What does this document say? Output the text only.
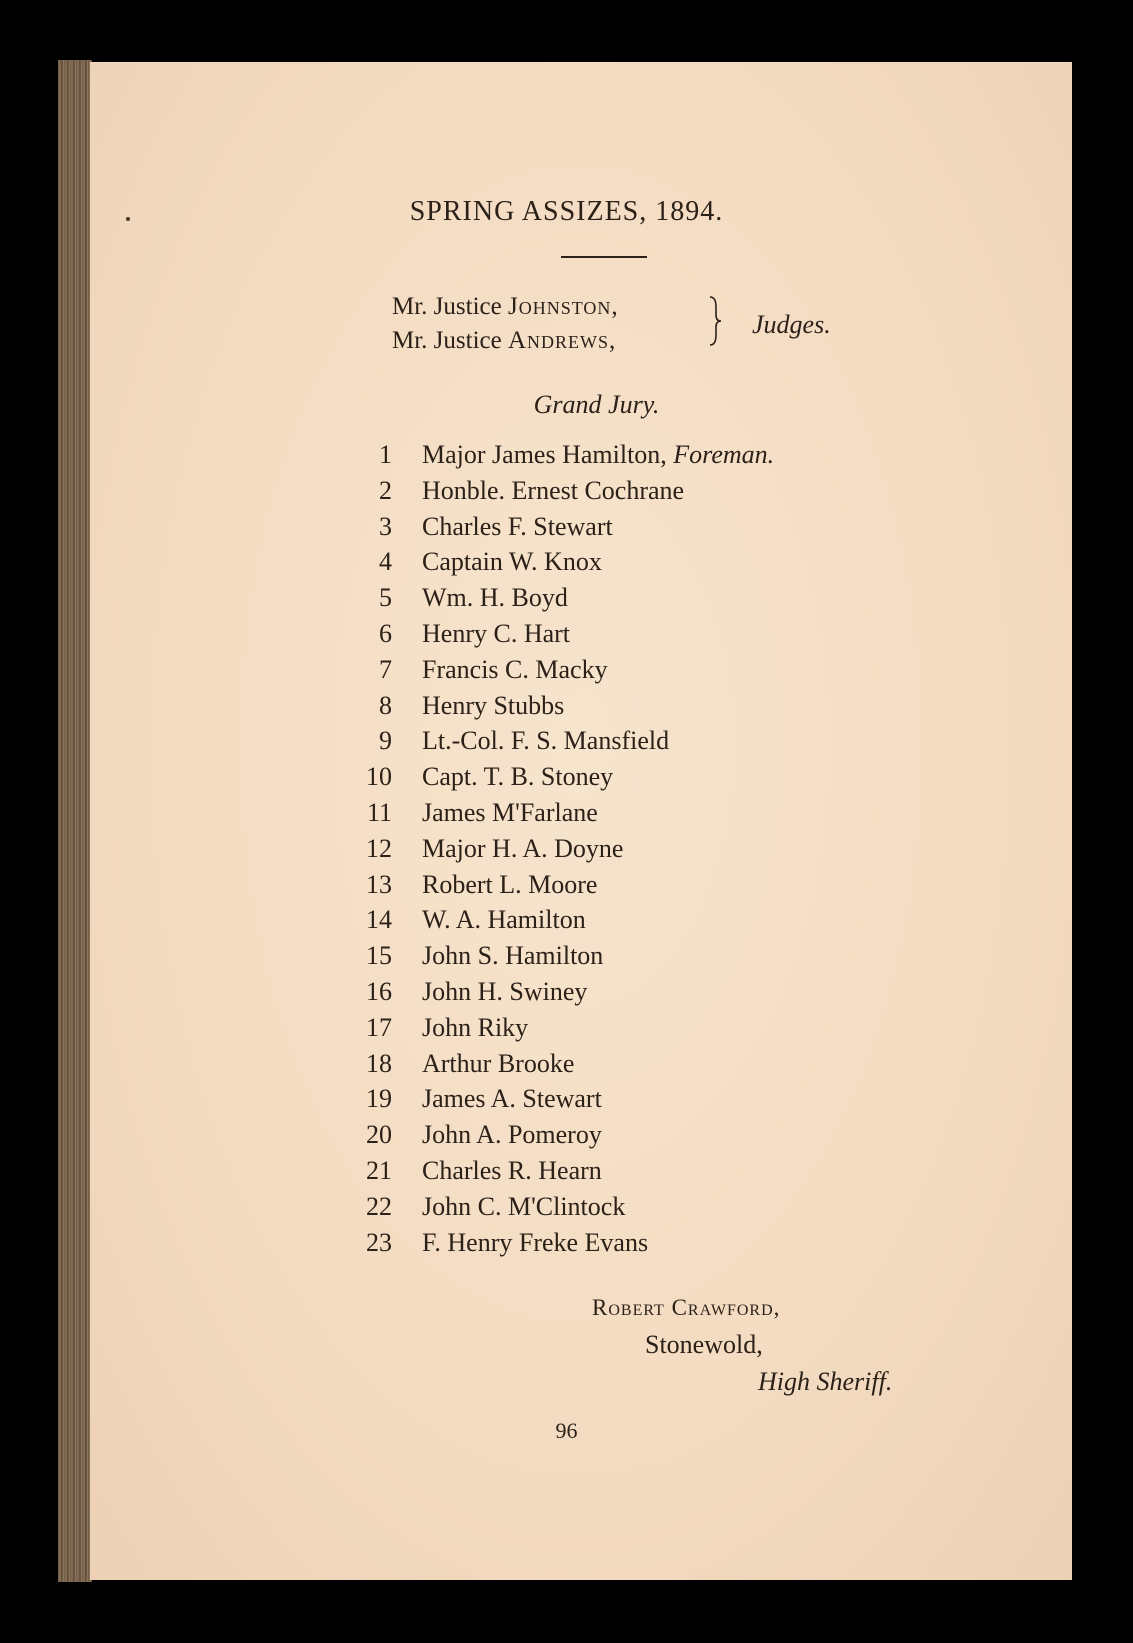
SPRING ASSIZES, 1894.
Mr. Justice Johnston,
Mr. Justice Andrews,
Judges.
Grand Jury.
1 Major James Hamilton, Foreman.
2 Honble. Ernest Cochrane
3 Charles F. Stewart
4 Captain W. Knox
5 Wm. H. Boyd
6 Henry C. Hart
7 Francis C. Macky
8 Henry Stubbs
9 Lt.-Col. F. S. Mansfield
10 Capt. T. B. Stoney
11 James M'Farlane
12 Major H. A. Doyne
13 Robert L. Moore
14 W. A. Hamilton
15 John S. Hamilton
16 John H. Swiney
17 John Riky
18 Arthur Brooke
19 James A. Stewart
20 John A. Pomeroy
21 Charles R. Hearn
22 John C. M'Clintock
23 F. Henry Freke Evans
Robert Crawford,
Stonewold,
High Sheriff.
96
